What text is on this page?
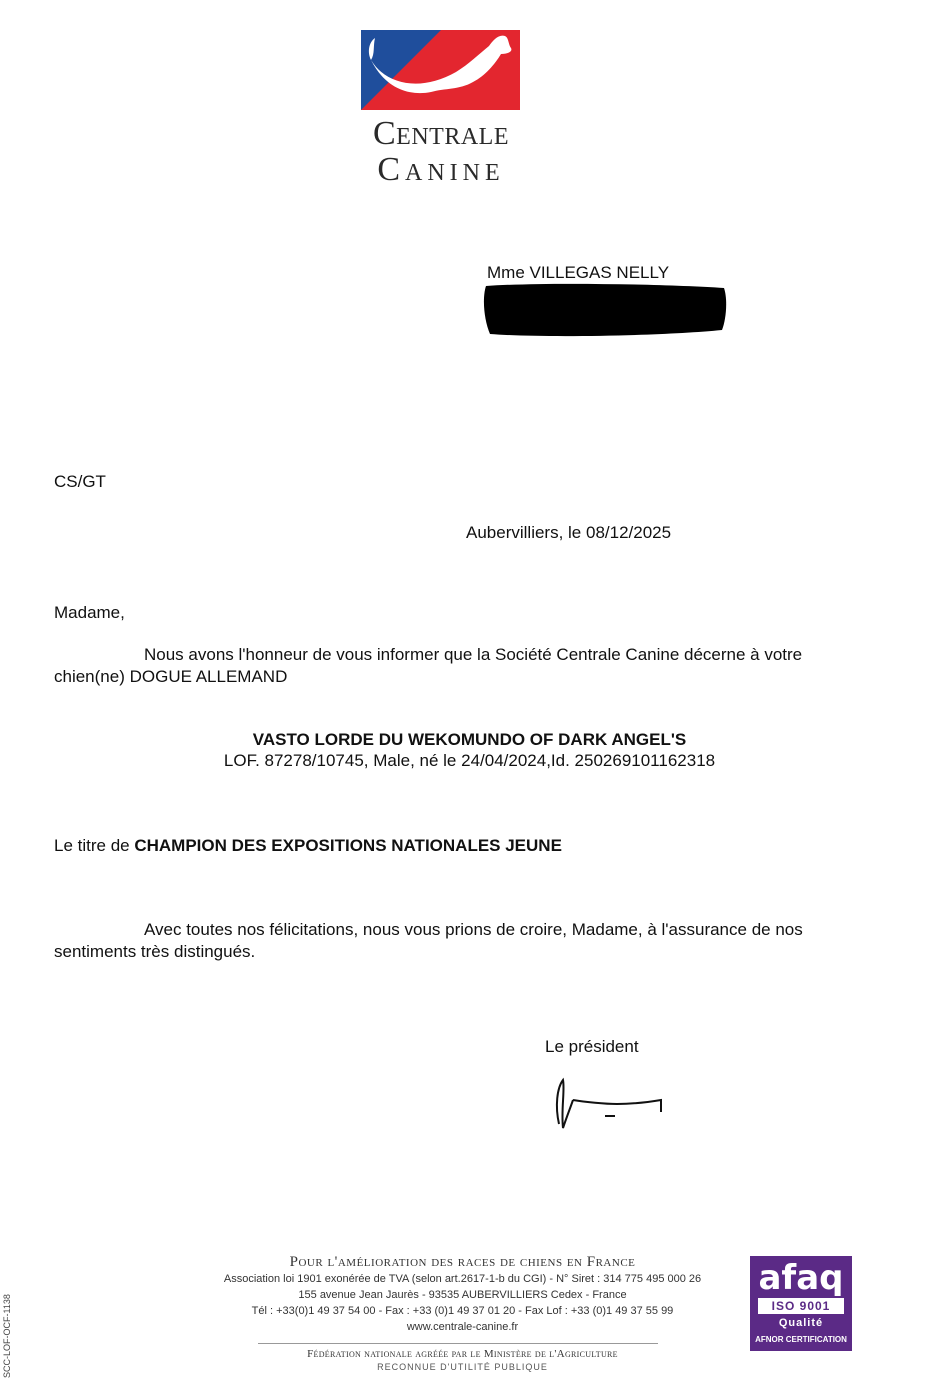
Centrale
Canine
Mme VILLEGAS NELLY
CS/GT
Aubervilliers, le 08/12/2025
Madame,
Nous avons l'honneur de vous informer que la Société Centrale Canine décerne à votre chien(ne) DOGUE ALLEMAND
VASTO LORDE DU WEKOMUNDO OF DARK ANGEL'S
LOF. 87278/10745, Male, né le 24/04/2024,Id. 250269101162318
Le titre de CHAMPION DES EXPOSITIONS NATIONALES JEUNE
Avec toutes nos félicitations, nous vous prions de croire, Madame, à l'assurance de nos sentiments très distingués.
Le président
Pour l'amélioration des races de chiens en France
Association loi 1901 exonérée de TVA (selon art.2617-1-b du CGI) - N° Siret : 314 775 495 000 26
155 avenue Jean Jaurès - 93535 AUBERVILLIERS Cedex - France
Tél : +33(0)1 49 37 54 00 - Fax : +33 (0)1 49 37 01 20 - Fax Lof : +33 (0)1 49 37 55 99
www.centrale-canine.fr
Fédération nationale agréée par le Ministère de l'Agriculture
RECONNUE D'UTILITÉ PUBLIQUE
afaq
ISO 9001
Qualité
AFNOR CERTIFICATION
SCC-LOF-OCF-1138
